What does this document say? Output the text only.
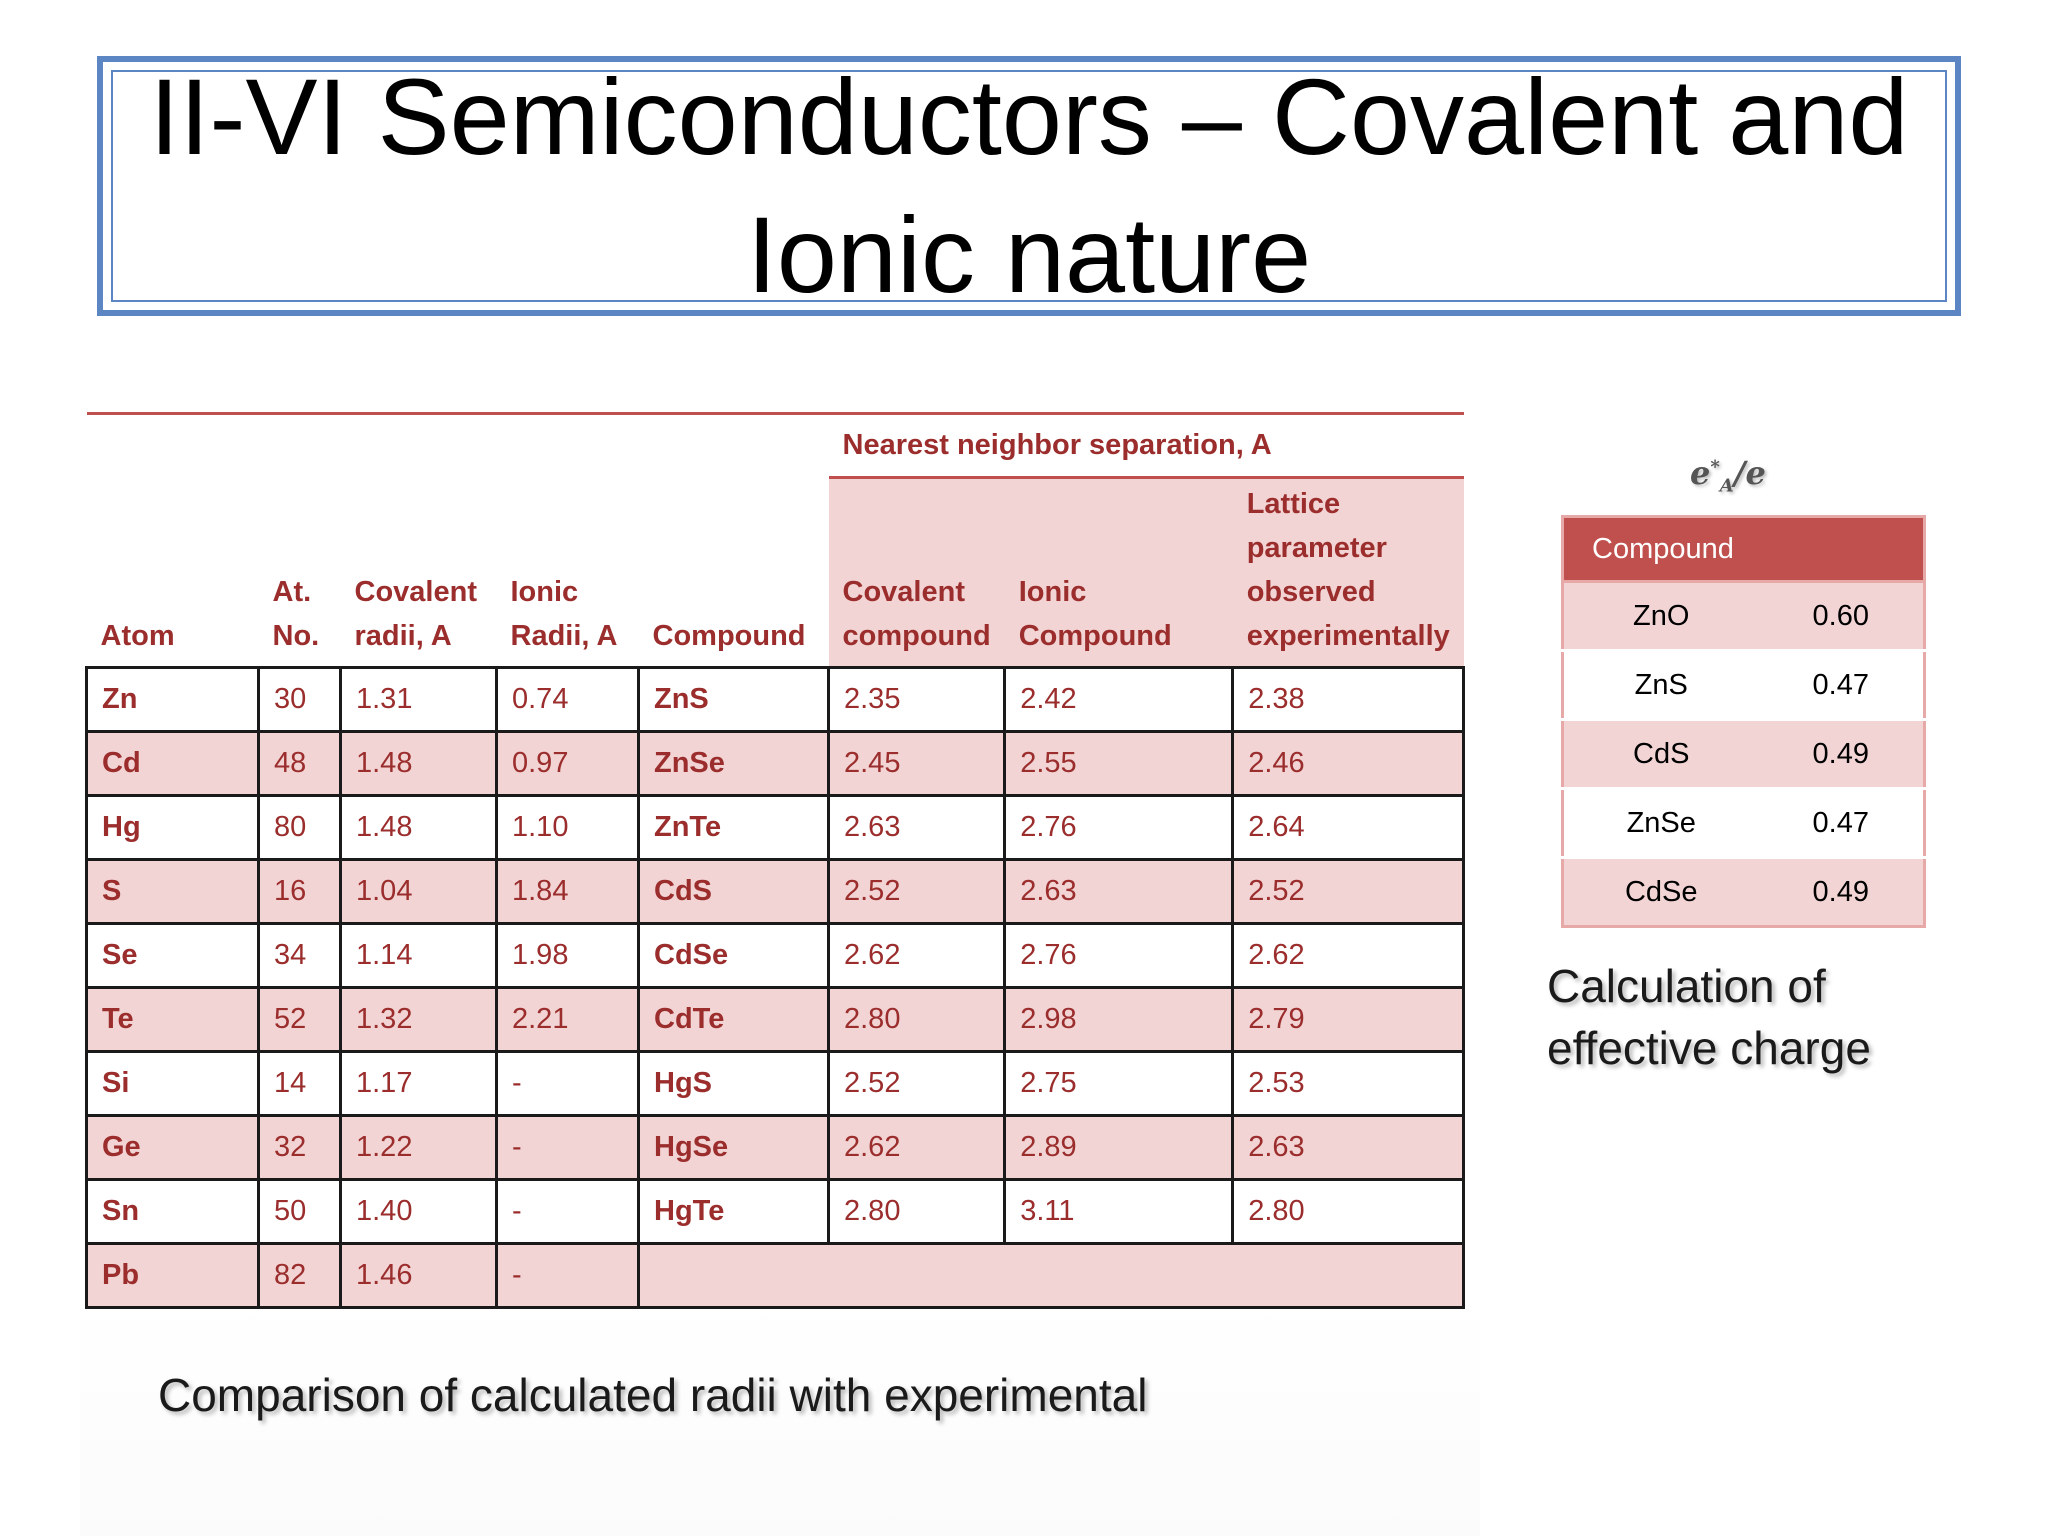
II-VI Semiconductors – Covalent and Ionic nature
					Nearest neighbor separation, A		
Atom	At. No.	Covalent radii, A	Ionic Radii, A	Compound	Covalent compound	Ionic Compound	Lattice parameter observed experimentally
Zn	30	1.31	0.74	ZnS	2.35	2.42	2.38
Cd	48	1.48	0.97	ZnSe	2.45	2.55	2.46
Hg	80	1.48	1.10	ZnTe	2.63	2.76	2.64
S	16	1.04	1.84	CdS	2.52	2.63	2.52
Se	34	1.14	1.98	CdSe	2.62	2.76	2.62
Te	52	1.32	2.21	CdTe	2.80	2.98	2.79
Si	14	1.17	-	HgS	2.52	2.75	2.53
Ge	32	1.22	-	HgSe	2.62	2.89	2.63
Sn	50	1.40	-	HgTe	2.80	3.11	2.80
Pb	82	1.46	-				
$e^*_A/e$
Compound	
ZnO	0.60
ZnS	0.47
CdS	0.49
ZnSe	0.47
CdSe	0.49
Calculation of effective charge
Comparison of calculated radii with experimental
